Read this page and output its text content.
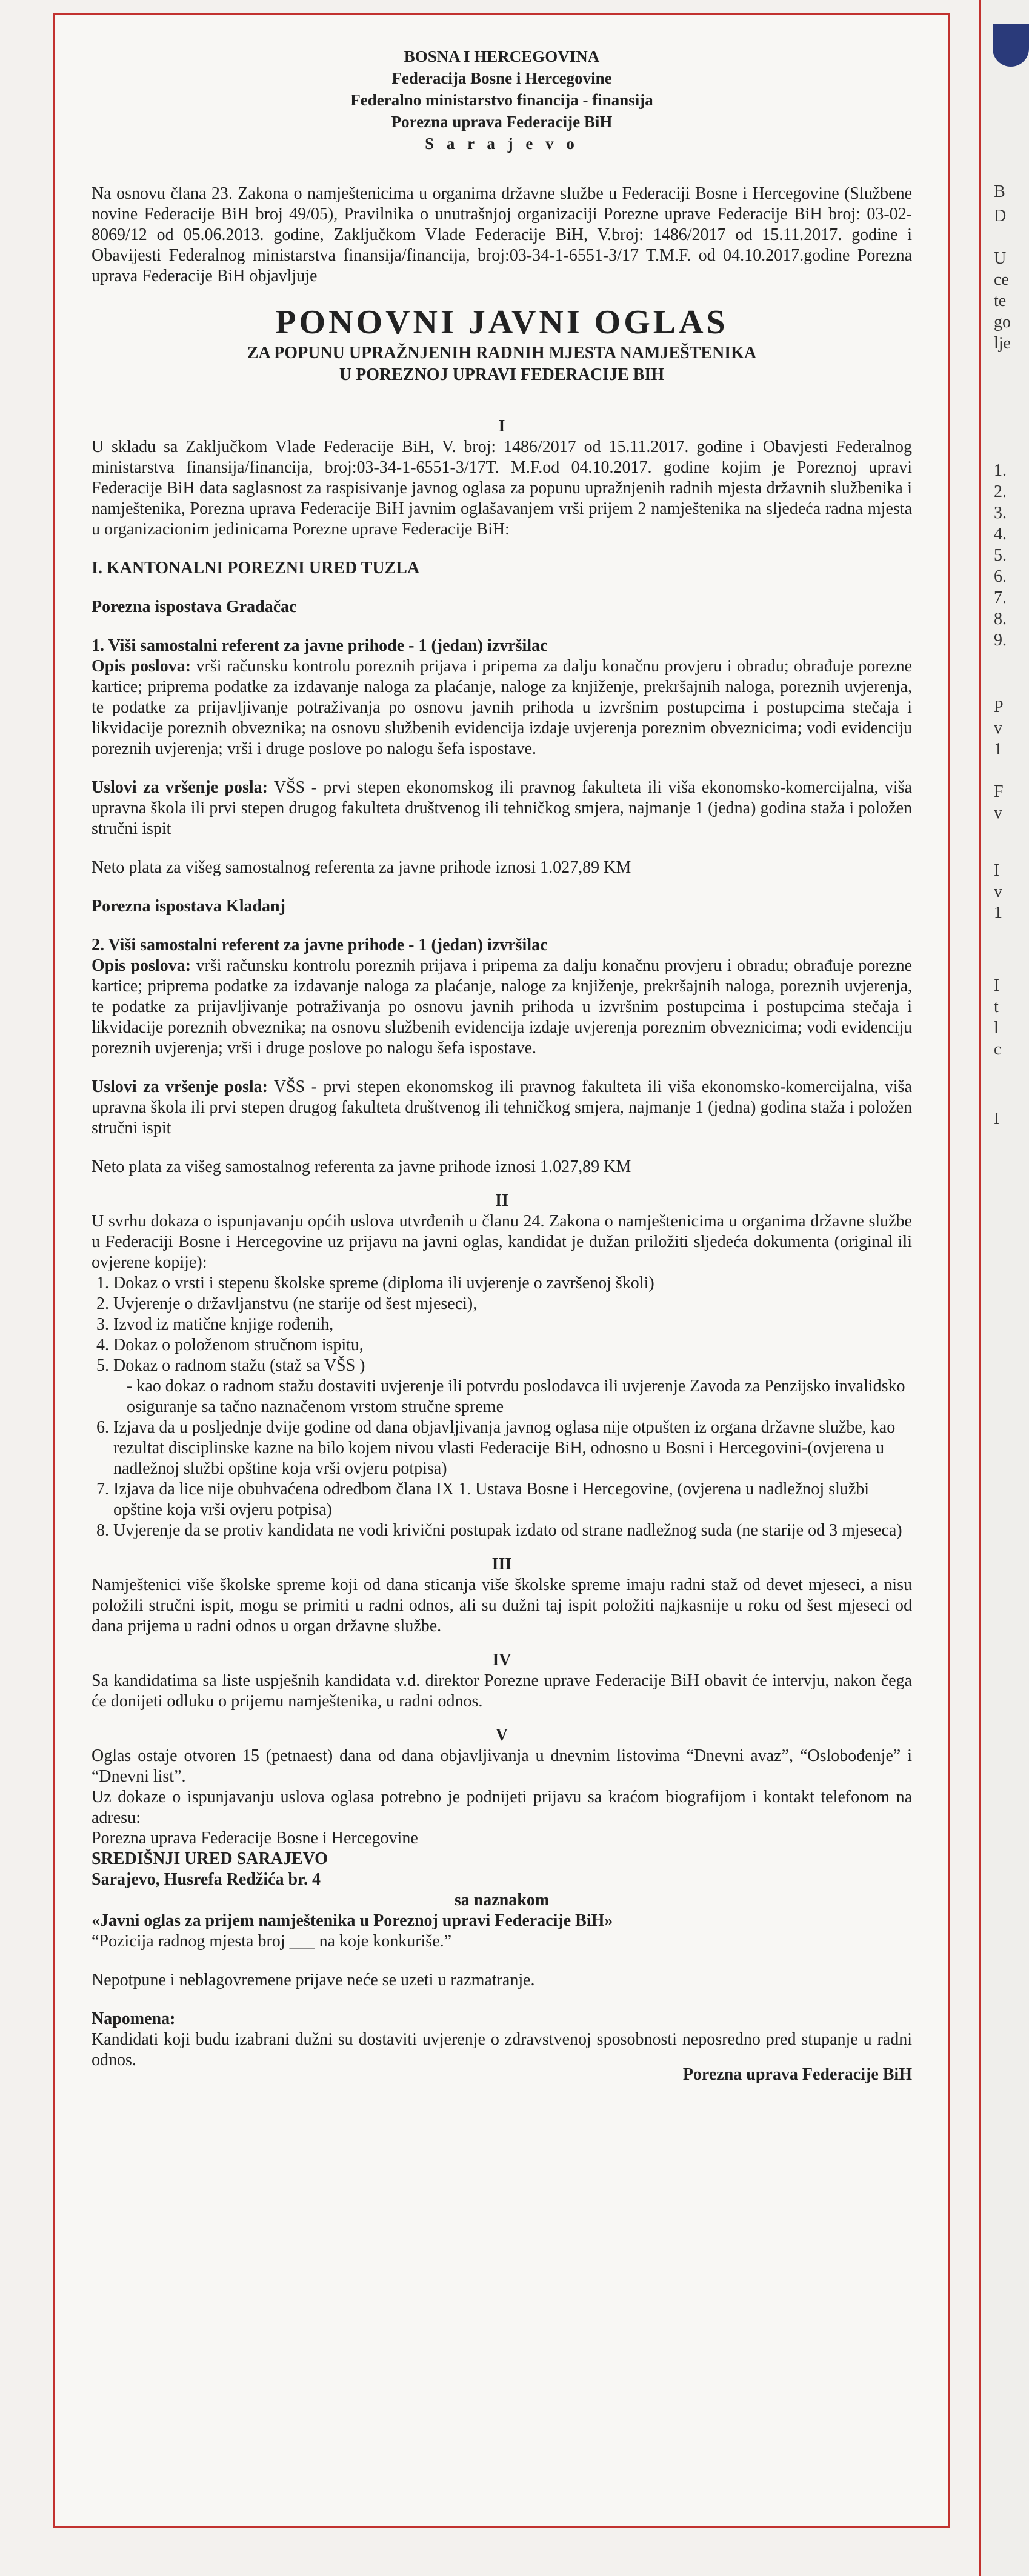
BOSNA I HERCEGOVINA
Federacija Bosne i Hercegovine
Federalno ministarstvo financija - finansija
Porezna uprava Federacije BiH
S a r a j e v o

Na osnovu člana 23. Zakona o namještenicima u organima državne službe u Federaciji Bosne i Hercegovine (Službene novine Federacije BiH broj 49/05), Pravilnika o unutrašnjoj organizaciji Porezne uprave Federacije BiH broj: 03-02-8069/12 od 05.06.2013. godine, Zaključkom Vlade Federacije BiH, V.broj: 1486/2017 od 15.11.2017. godine i Obavijesti Federalnog ministarstva finansija/financija, broj:03-34-1-6551-3/17 T.M.F. od 04.10.2017.godine Porezna uprava Federacije BiH objavljuje

PONOVNI JAVNI OGLAS
ZA POPUNU UPRAŽNJENIH RADNIH MJESTA NAMJEŠTENIKA
U POREZNOJ UPRAVI FEDERACIJE BIH
I

U skladu sa Zaključkom Vlade Federacije BiH, V. broj: 1486/2017 od 15.11.2017. godine i Obavjesti Federalnog ministarstva finansija/financija, broj:03-34-1-6551-3/17T. M.F.od 04.10.2017. godine kojim je Poreznoj upravi Federacije BiH data saglasnost za raspisivanje javnog oglasa za popunu upražnjenih radnih mjesta državnih službenika i namještenika, Porezna uprava Federacije BiH javnim oglašavanjem vrši prijem 2 namještenika na sljedeća radna mjesta u organizacionim jedinicama Porezne uprave Federacije BiH:

I. KANTONALNI POREZNI URED TUZLA

Porezna ispostava Gradačac

1. Viši samostalni referent za javne prihode - 1 (jedan) izvršilac

Opis poslova: vrši računsku kontrolu poreznih prijava i pripema za dalju konačnu provjeru i obradu; obrađuje porezne kartice; pripremа podatke za izdavanje naloga za plaćanje, naloge za knjiženje, prekršajnih naloga, poreznih uvjerenja, te podatke za prijavljivanje potraživanja po osnovu javnih prihoda u izvršnim postupcima i postupcima stečaja i likvidacije poreznih obveznika; na osnovu službenih evidencija izdaje uvjerenja poreznim obveznicima; vodi evidenciju poreznih uvjerenja; vrši i druge poslove po nalogu šefa ispostave.

Uslovi za vršenje posla: VŠS - prvi stepen ekonomskog ili pravnog fakulteta ili viša ekonomsko-komercijalna, viša upravna škola ili prvi stepen drugog fakulteta društvenog ili tehničkog smjera, najmanje 1 (jedna) godina staža i položen stručni ispit

Neto plata za višeg samostalnog referenta za javne prihode iznosi 1.027,89 KM

Porezna ispostava Kladanj

2. Viši samostalni referent za javne prihode - 1 (jedan) izvršilac

Opis poslova: vrši računsku kontrolu poreznih prijava i pripema za dalju konačnu provjeru i obradu; obrađuje porezne kartice; pripremа podatke za izdavanje naloga za plaćanje, naloge za knjiženje, prekršajnih naloga, poreznih uvjerenja, te podatke za prijavljivanje potraživanja po osnovu javnih prihoda u izvršnim postupcima i postupcima stečaja i likvidacije poreznih obveznika; na osnovu službenih evidencija izdaje uvjerenja poreznim obveznicima; vodi evidenciju poreznih uvjerenja; vrši i druge poslove po nalogu šefa ispostave.

Uslovi za vršenje posla: VŠS - prvi stepen ekonomskog ili pravnog fakulteta ili viša ekonomsko-komercijalna, viša upravna škola ili prvi stepen drugog fakulteta društvenog ili tehničkog smjera, najmanje 1 (jedna) godina staža i položen stručni ispit

Neto plata za višeg samostalnog referenta za javne prihode iznosi 1.027,89 KM

II

U svrhu dokaza o ispunjavanju općih uslova utvrđenih u članu 24. Zakona o namještenicima u organima državne službe u Federaciji Bosne i Hercegovine uz prijavu na javni oglas, kandidat je dužan priložiti sljedeća dokumenta (original ili ovjerene kopije):

1. Dokaz o vrsti i stepenu školske spreme (diploma ili uvjerenje o završenoj školi)
2. Uvjerenje o državljanstvu (ne starije od šest mjeseci),
3. Izvod iz matične knjige rođenih,
4. Dokaz o položenom stručnom ispitu,
5. Dokaz o radnom stažu (staž sa VŠS )
- kao dokaz o radnom stažu dostaviti uvjerenje ili potvrdu poslodavca ili uvjerenje Zavoda za Penzijsko invalidsko osiguranje sa tačno naznačenom vrstom stručne spreme
6. Izjava da u posljednje dvije godine od dana objavljivanja javnog oglasa nije otpušten iz organa državne službe, kao rezultat disciplinske kazne na bilo kojem nivou vlasti Federacije BiH, odnosno u Bosni i Hercegovini-(ovjerena u nadležnoj službi opštine koja vrši ovjeru potpisa)
7. Izjava da lice nije obuhvaćena odredbom člana IX 1. Ustava Bosne i Hercegovine, (ovjerena u nadležnoj službi opštine koja vrši ovjeru potpisa)
8. Uvjerenje da se protiv kandidata ne vodi krivični postupak izdato od strane nadležnog suda (ne starije od 3 mjeseca)
III

Namještenici više školske spreme koji od dana sticanja više školske spreme imaju radni staž od devet mjeseci, a nisu položili stručni ispit, mogu se primiti u radni odnos, ali su dužni taj ispit položiti najkasnije u roku od šest mjeseci od dana prijema u radni odnos u organ državne službe.

IV

Sa kandidatima sa liste uspješnih kandidata v.d. direktor Porezne uprave Federacije BiH obavit će intervju, nakon čega će donijeti odluku o prijemu namještenika, u radni odnos.

V

Oglas ostaje otvoren 15 (petnaest) dana od dana objavljivanja u dnevnim listovima “Dnevni avaz”, “Oslobođenje” i “Dnevni list”.

Uz dokaze o ispunjavanju uslova oglasa potrebno je podnijeti prijavu sa kraćom biografijom i kontakt telefonom na adresu:

Porezna uprava Federacije Bosne i Hercegovine

SREDIŠNJI URED SARAJEVO

Sarajevo, Husrefa Redžića br. 4

sa naznakom

«Javni oglas za prijem namještenika u Poreznoj upravi Federacije BiH»

“Pozicija radnog mjesta broj ___ na koje konkuriše.”

Nepotpune i neblagovremene prijave neće se uzeti u razmatranje.

Napomena:

Kandidati koji budu izabrani dužni su dostaviti uvjerenje o zdravstvenoj sposobnosti neposredno pred stupanje u radni odnos.

Porezna uprava Federacije BiH

B
D
U
ce
te
go
lje
1.
2.
3.
4.
5.
6.
7.
8.
9.
P
v
1
F
v
I
v
1
I
t
l
c
I
